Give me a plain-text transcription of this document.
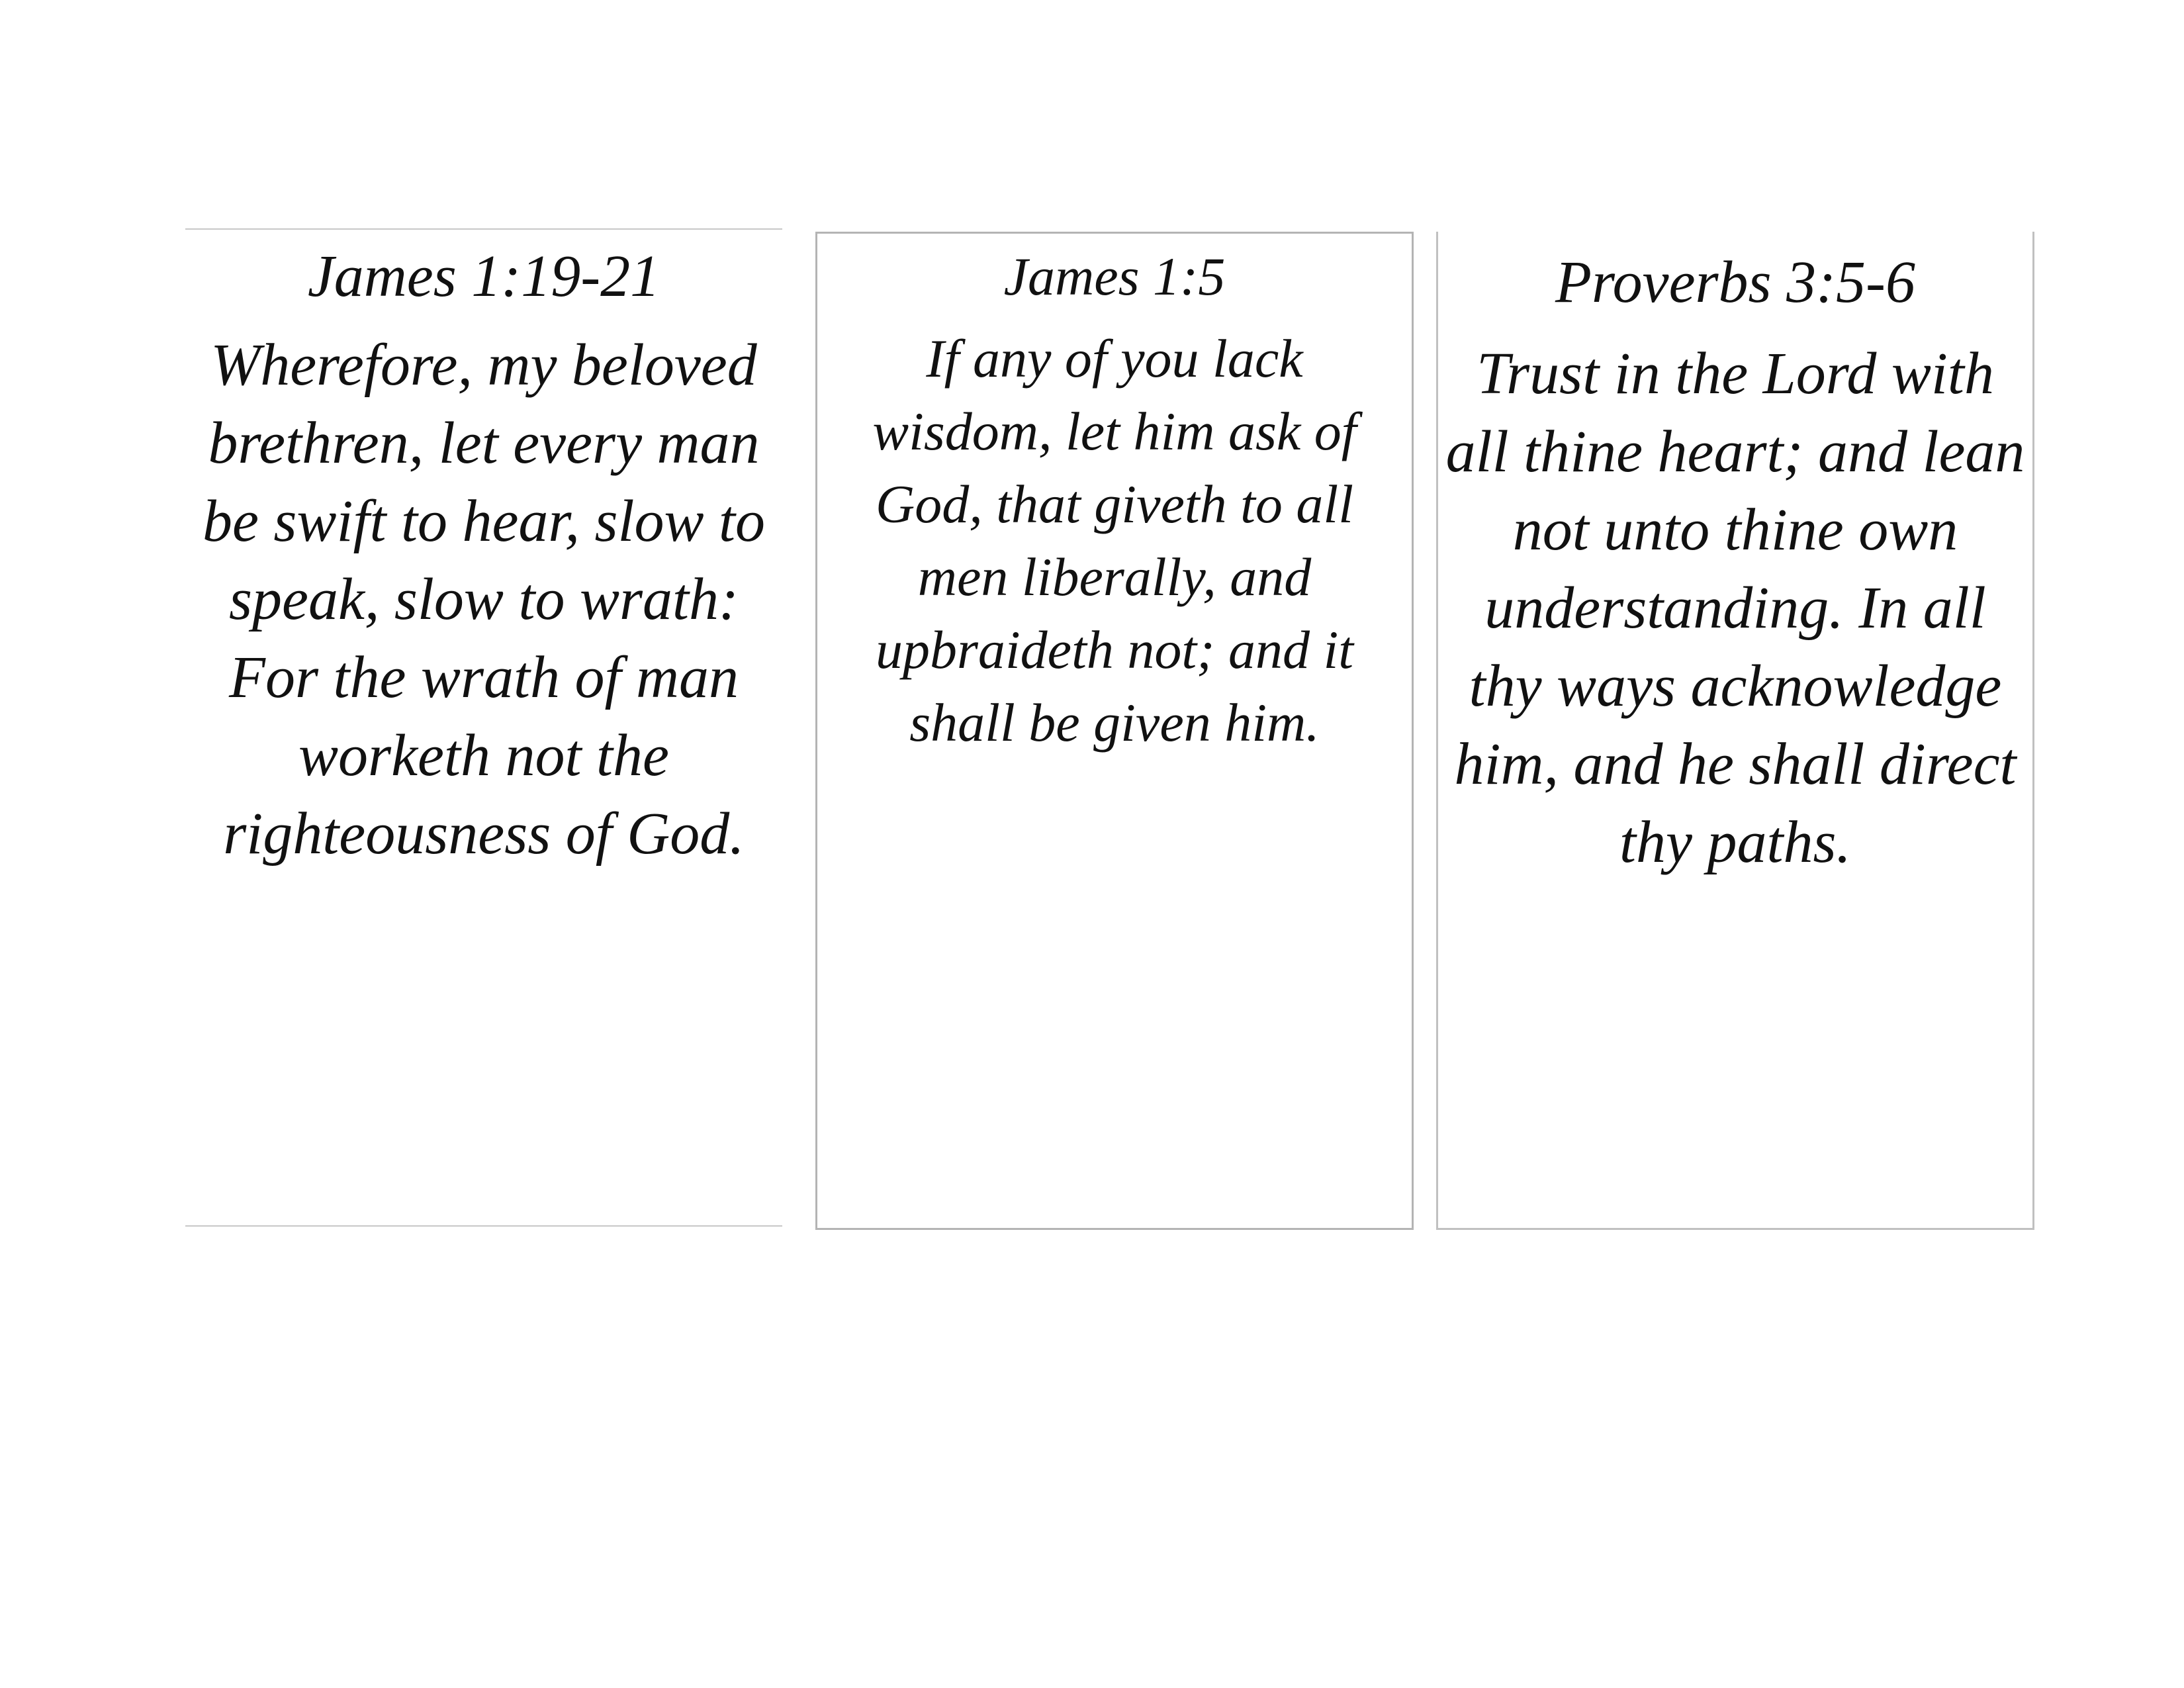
James 1:19-21
Wherefore, my beloved brethren, let every man be swift to hear, slow to speak, slow to wrath: For the wrath of man worketh not the righteousness of God.
James 1:5
If any of you lack wisdom, let him ask of God, that giveth to all men liberally, and upbraideth not; and it shall be given him.
Proverbs 3:5-6
Trust in the Lord with all thine heart; and lean not unto thine own understanding. In all thy ways acknowledge him, and he shall direct thy paths.
